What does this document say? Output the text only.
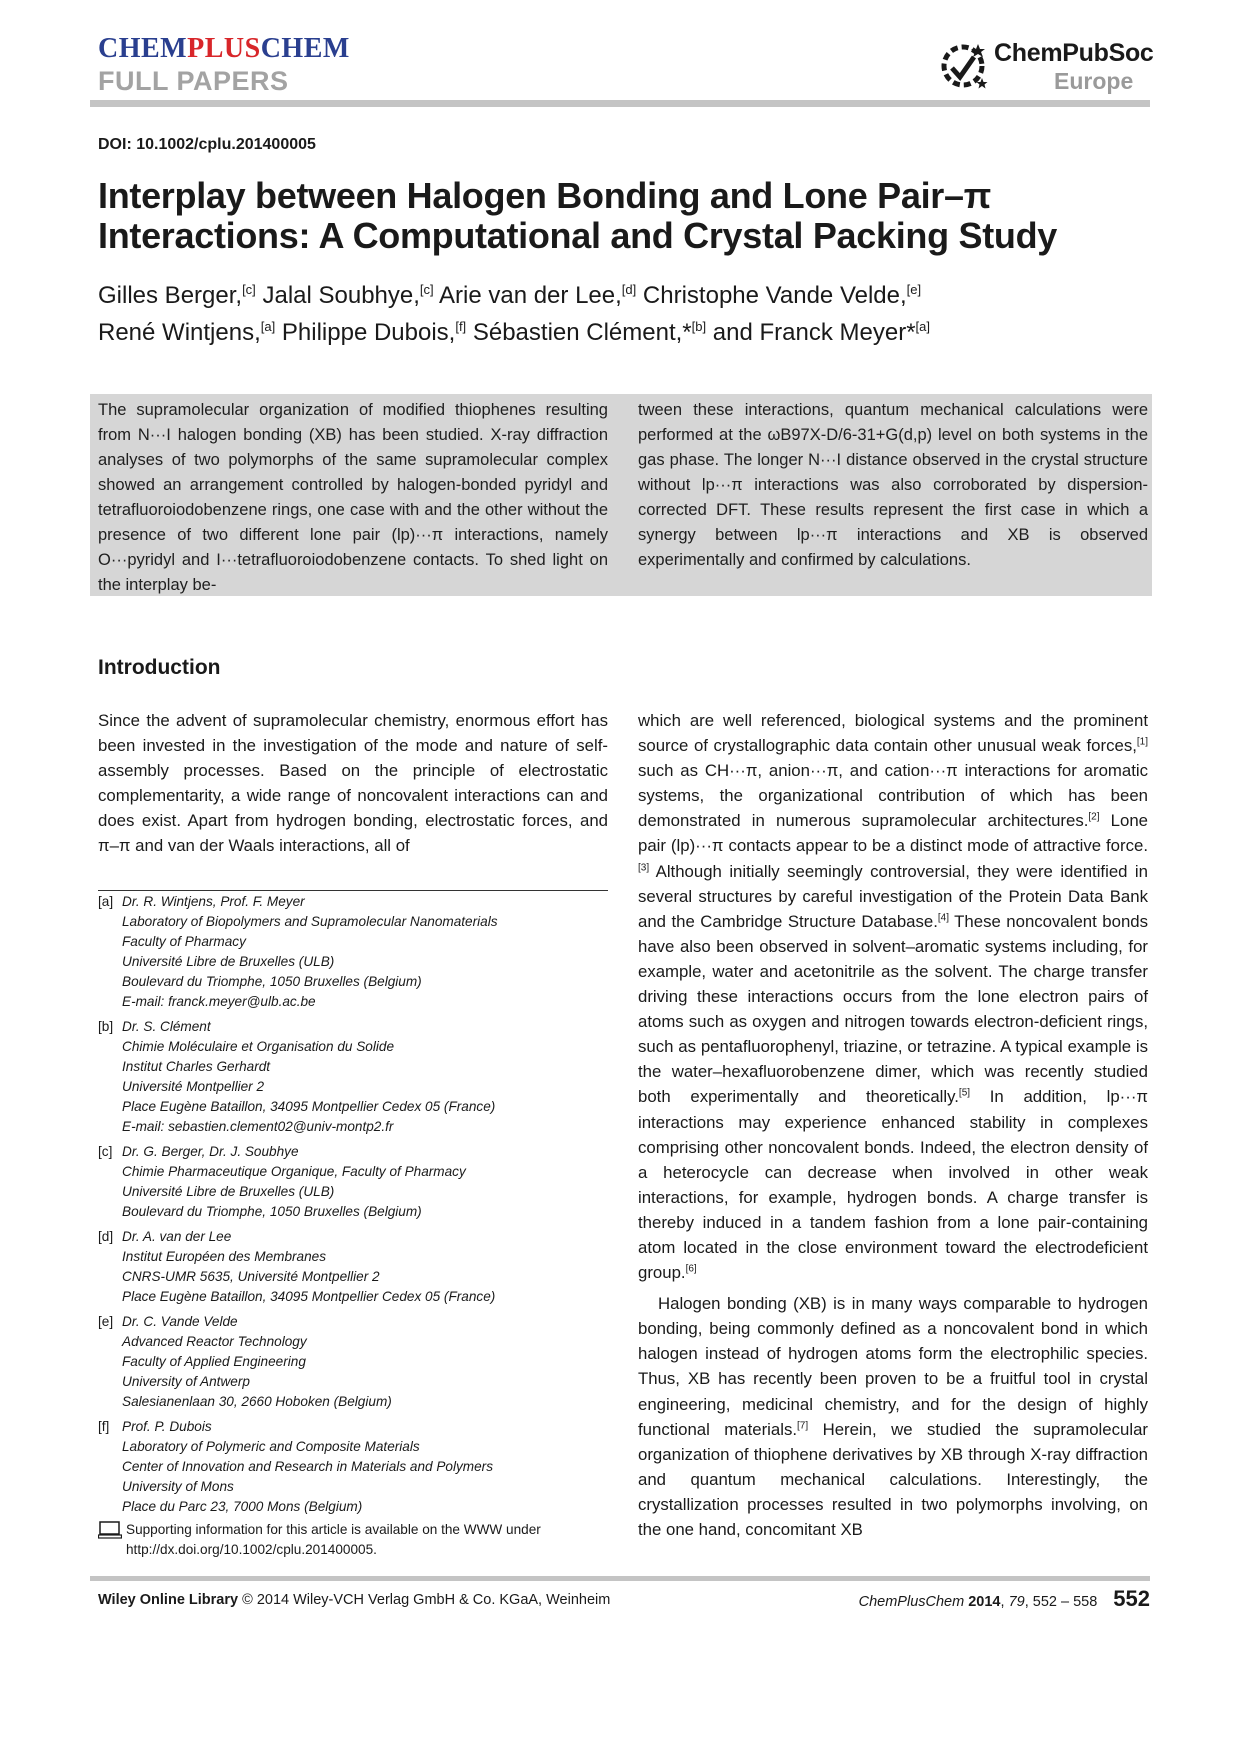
CHEMPLUSCHEM
FULL PAPERS
ChemPubSoc
Europe
DOI: 10.1002/cplu.201400005
Interplay between Halogen Bonding and Lone Pair–π
Interactions: A Computational and Crystal Packing Study
Gilles Berger,[c] Jalal Soubhye,[c] Arie van der Lee,[d] Christophe Vande Velde,[e]
René Wintjens,[a] Philippe Dubois,[f] Sébastien Clément,*[b] and Franck Meyer*[a]
The supramolecular organization of modified thiophenes resulting from N···I halogen bonding (XB) has been studied. X-ray diffraction analyses of two polymorphs of the same supramolecular complex showed an arrangement controlled by halogen-bonded pyridyl and tetrafluoroiodobenzene rings, one case with and the other without the presence of two different lone pair (lp)···π interactions, namely O···pyridyl and I···tetrafluoroiodobenzene contacts. To shed light on the interplay be-
tween these interactions, quantum mechanical calculations were performed at the ωB97X-D/6-31+G(d,p) level on both systems in the gas phase. The longer N···I distance observed in the crystal structure without lp···π interactions was also corroborated by dispersion-corrected DFT. These results represent the first case in which a synergy between lp···π interactions and XB is observed experimentally and confirmed by calculations.
Introduction

Since the advent of supramolecular chemistry, enormous effort has been invested in the investigation of the mode and nature of self-assembly processes. Based on the principle of electrostatic complementarity, a wide range of noncovalent interactions can and does exist. Apart from hydrogen bonding, electrostatic forces, and π–π and van der Waals interactions, all of

[a] Dr. R. Wintjens, Prof. F. Meyer
Laboratory of Biopolymers and Supramolecular Nanomaterials
Faculty of Pharmacy
Université Libre de Bruxelles (ULB)
Boulevard du Triomphe, 1050 Bruxelles (Belgium)
E-mail: franck.meyer@ulb.ac.be
[b] Dr. S. Clément
Chimie Moléculaire et Organisation du Solide
Institut Charles Gerhardt
Université Montpellier 2
Place Eugène Bataillon, 34095 Montpellier Cedex 05 (France)
E-mail: sebastien.clement02@univ-montp2.fr
[c] Dr. G. Berger, Dr. J. Soubhye
Chimie Pharmaceutique Organique, Faculty of Pharmacy
Université Libre de Bruxelles (ULB)
Boulevard du Triomphe, 1050 Bruxelles (Belgium)
[d] Dr. A. van der Lee
Institut Européen des Membranes
CNRS-UMR 5635, Université Montpellier 2
Place Eugène Bataillon, 34095 Montpellier Cedex 05 (France)
[e] Dr. C. Vande Velde
Advanced Reactor Technology
Faculty of Applied Engineering
University of Antwerp
Salesianenlaan 30, 2660 Hoboken (Belgium)
[f] Prof. P. Dubois
Laboratory of Polymeric and Composite Materials
Center of Innovation and Research in Materials and Polymers
University of Mons
Place du Parc 23, 7000 Mons (Belgium)
Supporting information for this article is available on the WWW under
http://dx.doi.org/10.1002/cplu.201400005.

which are well referenced, biological systems and the prominent source of crystallographic data contain other unusual weak forces,[1] such as CH···π, anion···π, and cation···π interactions for aromatic systems, the organizational contribution of which has been demonstrated in numerous supramolecular architectures.[2] Lone pair (lp)···π contacts appear to be a distinct mode of attractive force.[3] Although initially seemingly controversial, they were identified in several structures by careful investigation of the Protein Data Bank and the Cambridge Structure Database.[4] These noncovalent bonds have also been observed in solvent–aromatic systems including, for example, water and acetonitrile as the solvent. The charge transfer driving these interactions occurs from the lone electron pairs of atoms such as oxygen and nitrogen towards electron-deficient rings, such as pentafluorophenyl, triazine, or tetrazine. A typical example is the water–hexafluorobenzene dimer, which was recently studied both experimentally and theoretically.[5] In addition, lp···π interactions may experience enhanced stability in complexes comprising other noncovalent bonds. Indeed, the electron density of a heterocycle can decrease when involved in other weak interactions, for example, hydrogen bonds. A charge transfer is thereby induced in a tandem fashion from a lone pair-containing atom located in the close environment toward the electrodeficient group.[6]

Halogen bonding (XB) is in many ways comparable to hydrogen bonding, being commonly defined as a noncovalent bond in which halogen instead of hydrogen atoms form the electrophilic species. Thus, XB has recently been proven to be a fruitful tool in crystal engineering, medicinal chemistry, and for the design of highly functional materials.[7] Herein, we studied the supramolecular organization of thiophene derivatives by XB through X-ray diffraction and quantum mechanical calculations. Interestingly, the crystallization processes resulted in two polymorphs involving, on the one hand, concomitant XB

Wiley Online Library © 2014 Wiley-VCH Verlag GmbH & Co. KGaA, Weinheim	ChemPlusChem
2014 , 79 , 552 – 558 552
